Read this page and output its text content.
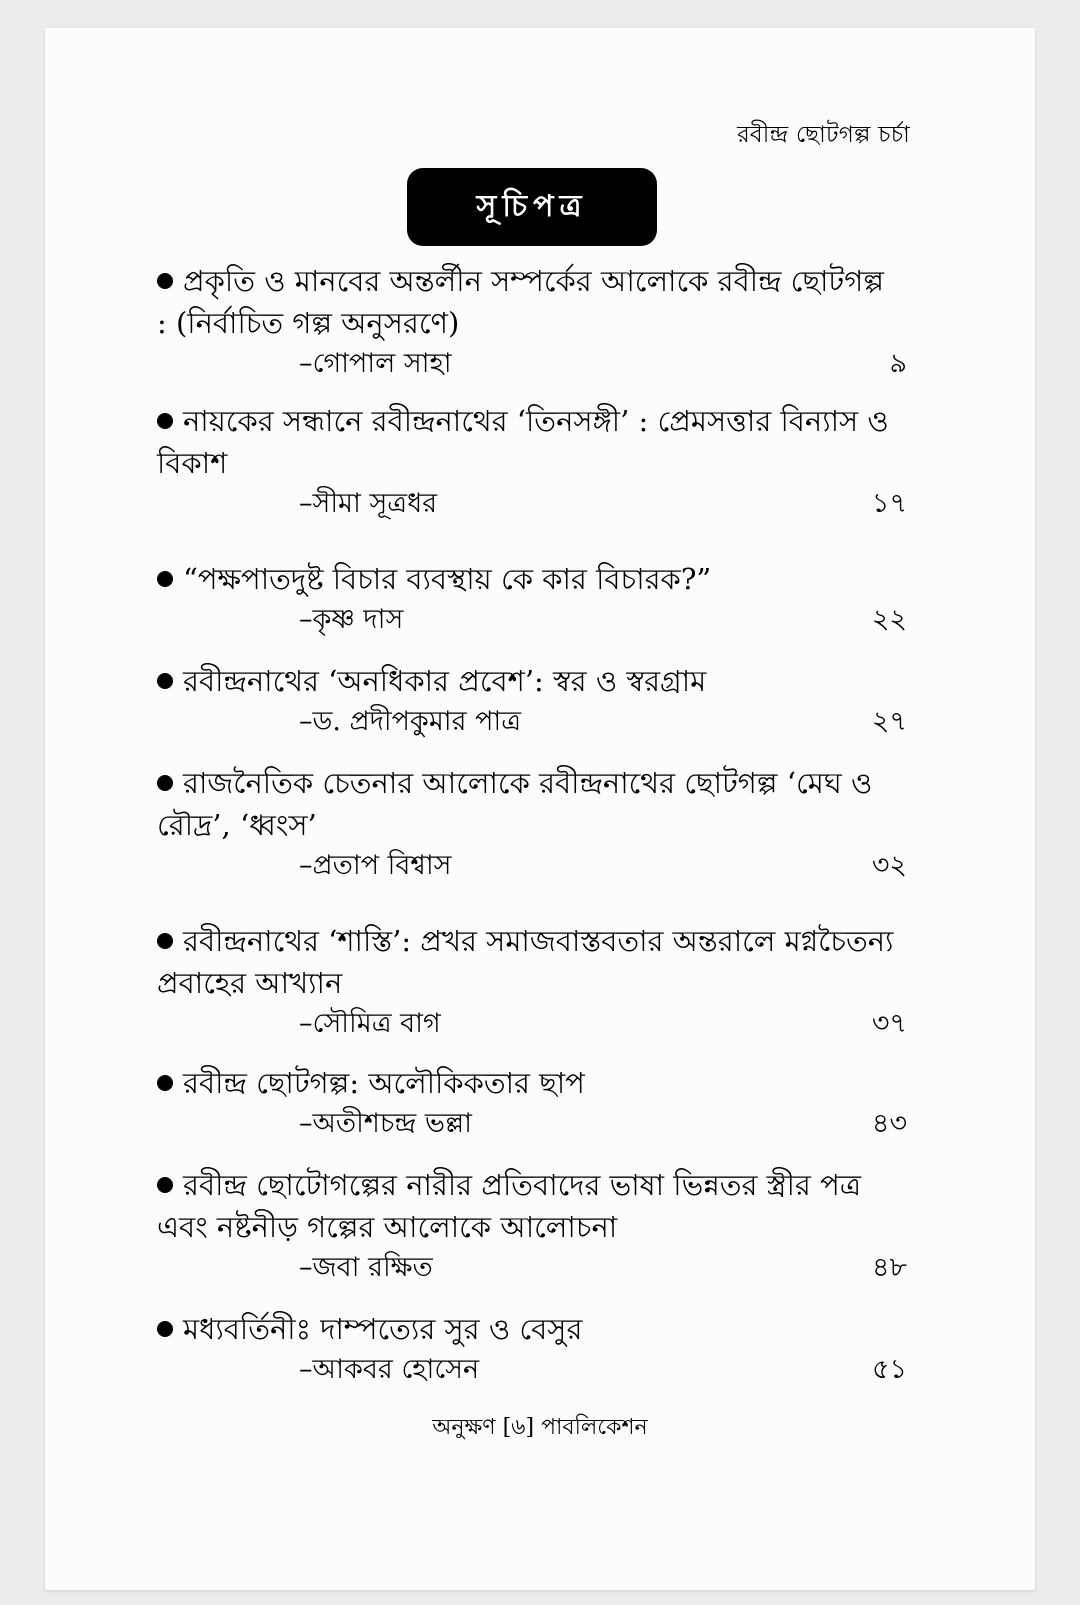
রবীন্দ্র ছোটগল্প চর্চা
সূচিপত্র

প্রকৃতি ও মানবের অন্তর্লীন সম্পর্কের আলোকে রবীন্দ্র ছোটগল্প : (নির্বাচিত গল্প অনুসরণে)

–গোপাল সাহা	৯

নায়কের সন্ধানে রবীন্দ্রনাথের ‘তিনসঙ্গী’ : প্রেমসত্তার বিন্যাস ও বিকাশ

–সীমা সূত্রধর	১৭

“পক্ষপাতদুষ্ট বিচার ব্যবস্থায় কে কার বিচারক?”

–কৃষ্ণ দাস	২২

রবীন্দ্রনাথের ‘অনধিকার প্রবেশ’: স্বর ও স্বরগ্রাম

–ড. প্রদীপকুমার পাত্র	২৭

রাজনৈতিক চেতনার আলোকে রবীন্দ্রনাথের ছোটগল্প ‘মেঘ ও রৌদ্র’, ‘ধ্বংস’

–প্রতাপ বিশ্বাস	৩২

রবীন্দ্রনাথের ‘শাস্তি’: প্রখর সমাজবাস্তবতার অন্তরালে মগ্নচৈতন্য প্রবাহের আখ্যান

–সৌমিত্র বাগ	৩৭

রবীন্দ্র ছোটগল্প: অলৌকিকতার ছাপ

–অতীশচন্দ্র ভল্লা	৪৩

রবীন্দ্র ছোটোগল্পের নারীর প্রতিবাদের ভাষা ভিন্নতর স্ত্রীর পত্র এবং নষ্টনীড় গল্পের আলোকে আলোচনা

–জবা রক্ষিত	৪৮

মধ্যবর্তিনীঃ দাম্পত্যের সুর ও বেসুর

–আকবর হোসেন	৫১
অনুক্ষণ [৬] পাবলিকেশন
